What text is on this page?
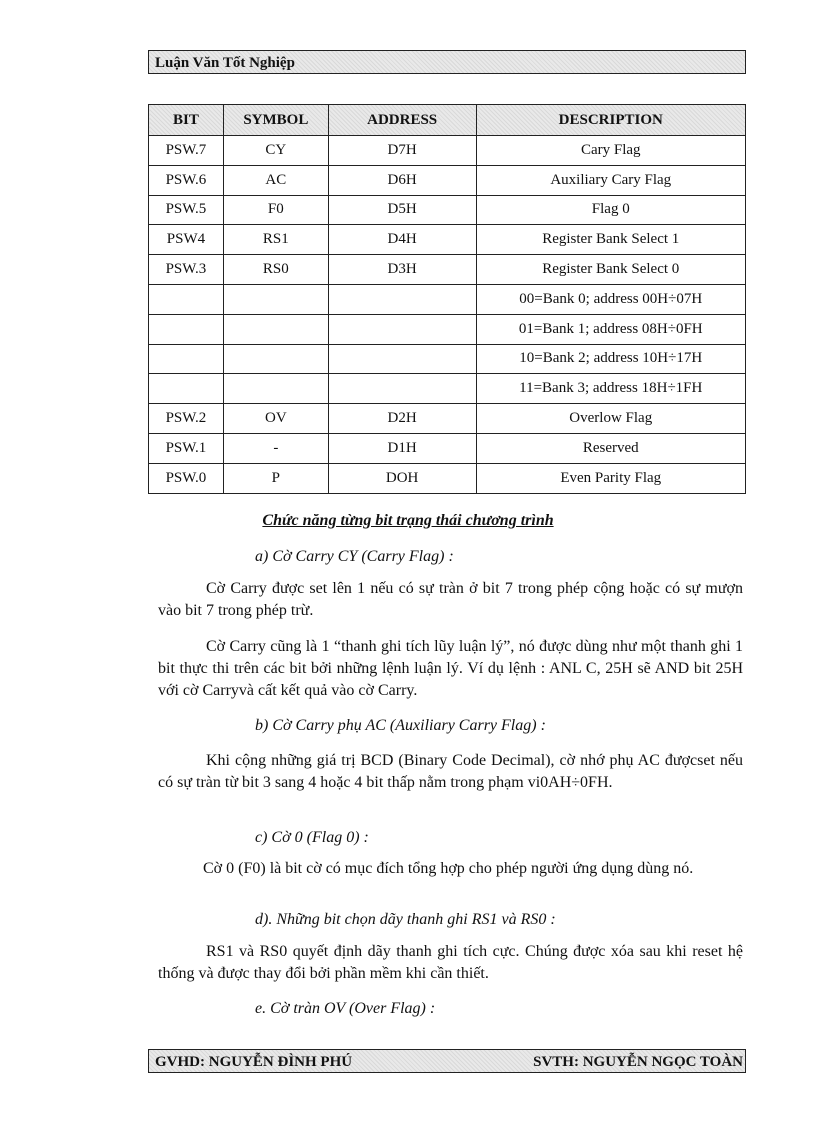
Luận Văn Tốt Nghiệp
BIT	SYMBOL	ADDRESS	DESCRIPTION
PSW.7	CY	D7H	Cary Flag
PSW.6	AC	D6H	Auxiliary Cary Flag
PSW.5	F0	D5H	Flag 0
PSW4	RS1	D4H	Register Bank Select 1
PSW.3	RS0	D3H	Register Bank Select 0
			00=Bank 0; address 00H÷07H
			01=Bank 1; address 08H÷0FH
			10=Bank 2; address 10H÷17H
			11=Bank 3; address 18H÷1FH
PSW.2	OV	D2H	Overlow Flag
PSW.1	-	D1H	Reserved
PSW.0	P	DOH	Even Parity Flag
Chức năng từng bit trạng thái chương trình
a) Cờ Carry CY (Carry Flag) :

Cờ Carry được set lên 1 nếu có sự tràn ở bit 7 trong phép cộng hoặc có sự mượn vào bit 7 trong phép trừ.

Cờ Carry cũng là 1 “thanh ghi tích lũy luận lý”, nó được dùng như một thanh ghi 1 bit thực thi trên các bit bởi những lệnh luận lý. Ví dụ lệnh : ANL C, 25H sẽ AND bit 25H với cờ Carryvà cất kết quả vào cờ Carry.

b) Cờ Carry phụ AC (Auxiliary Carry Flag) :

Khi cộng những giá trị BCD (Binary Code Decimal), cờ nhớ phụ AC đượcset nếu có sự tràn từ bit 3 sang 4 hoặc 4 bit thấp nằm trong phạm vi0AH÷0FH.

c) Cờ 0 (Flag 0) :

Cờ 0 (F0) là bit cờ có mục đích tổng hợp cho phép người ứng dụng dùng nó.

d). Những bit chọn dãy thanh ghi RS1 và RS0 :

RS1 và RS0 quyết định dãy thanh ghi tích cực. Chúng được xóa sau khi reset hệ thống và được thay đổi bởi phần mềm khi cần thiết.

e. Cờ tràn OV (Over Flag) :
GVHD: NGUYỄN ĐÌNH PHÚ	SVTH: NGUYỄN NGỌC TOÀN
